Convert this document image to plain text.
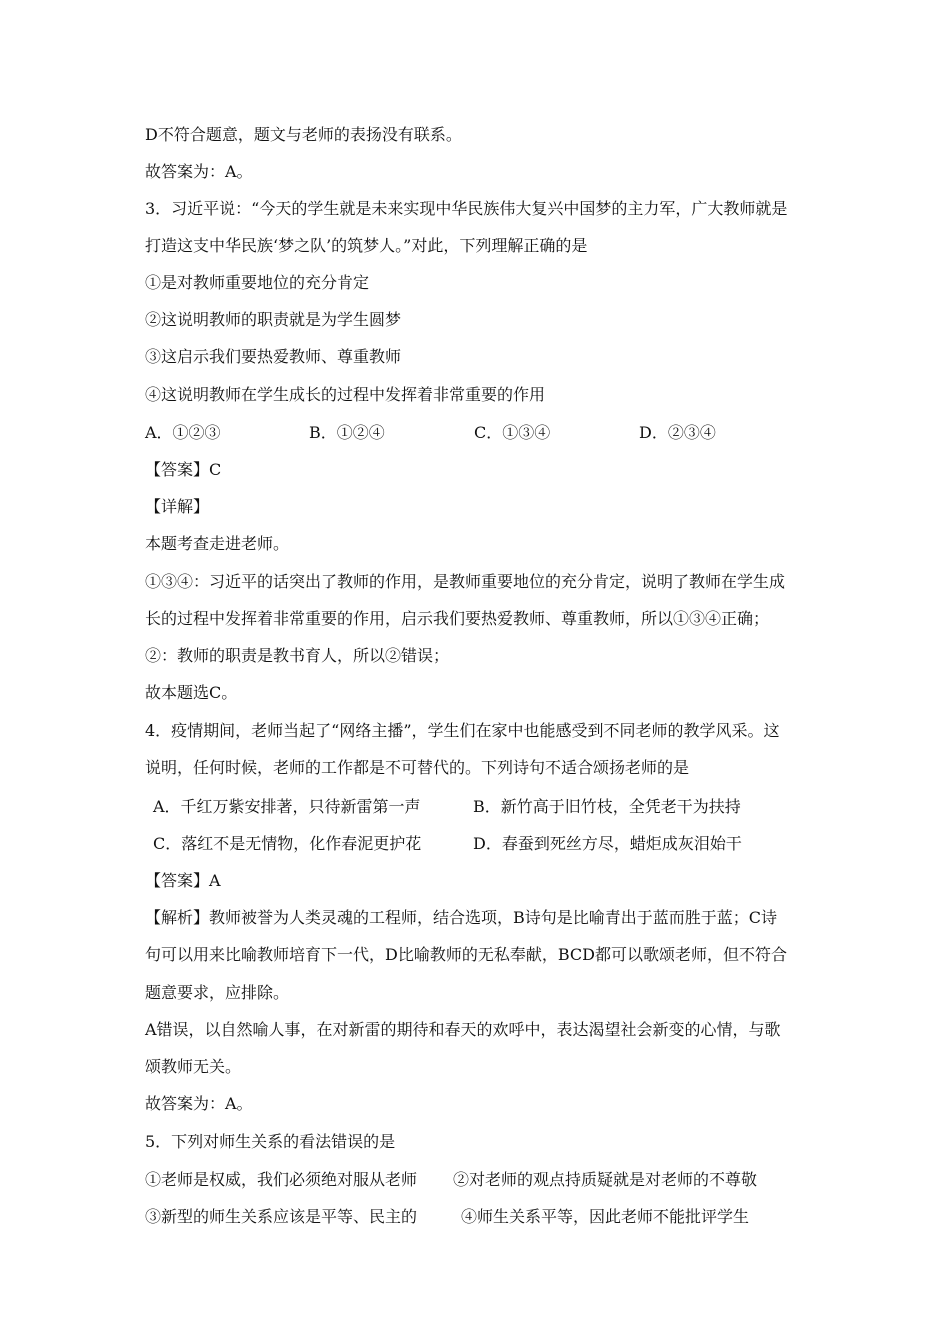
D不符合题意，题文与老师的表扬没有联系。
故答案为：A。
3．习近平说：“今天的学生就是未来实现中华民族伟大复兴中国梦的主力军，广大教师就是
打造这支中华民族‘梦之队’的筑梦人。”对此，下列理解正确的是
①是对教师重要地位的充分肯定
②这说明教师的职责就是为学生圆梦
③这启示我们要热爱教师、尊重教师
④这说明教师在学生成长的过程中发挥着非常重要的作用
A．①②③	B．①②④	C．①③④	D．②③④
【答案】C
【详解】
本题考查走进老师。
①③④：习近平的话突出了教师的作用，是教师重要地位的充分肯定，说明了教师在学生成
长的过程中发挥着非常重要的作用，启示我们要热爱教师、尊重教师，所以①③④正确；
②：教师的职责是教书育人，所以②错误；
故本题选C。
4．疫情期间，老师当起了“网络主播”，学生们在家中也能感受到不同老师的教学风采。这
说明，任何时候，老师的工作都是不可替代的。下列诗句不适合颂扬老师的是
A．千红万紫安排著，只待新雷第一声	B．新竹高于旧竹枝，全凭老干为扶持
C．落红不是无情物，化作春泥更护花	D．春蚕到死丝方尽，蜡炬成灰泪始干
【答案】A
【解析】教师被誉为人类灵魂的工程师，结合选项，B诗句是比喻青出于蓝而胜于蓝；C诗
句可以用来比喻教师培育下一代，D比喻教师的无私奉献，BCD都可以歌颂老师，但不符合
题意要求，应排除。
A错误，以自然喻人事，在对新雷的期待和春天的欢呼中，表达渴望社会新变的心情，与歌
颂教师无关。
故答案为：A。
5．下列对师生关系的看法错误的是
①老师是权威，我们必须绝对服从老师 ②对老师的观点持质疑就是对老师的不尊敬
③新型的师生关系应该是平等、民主的	④师生关系平等，因此老师不能批评学生
